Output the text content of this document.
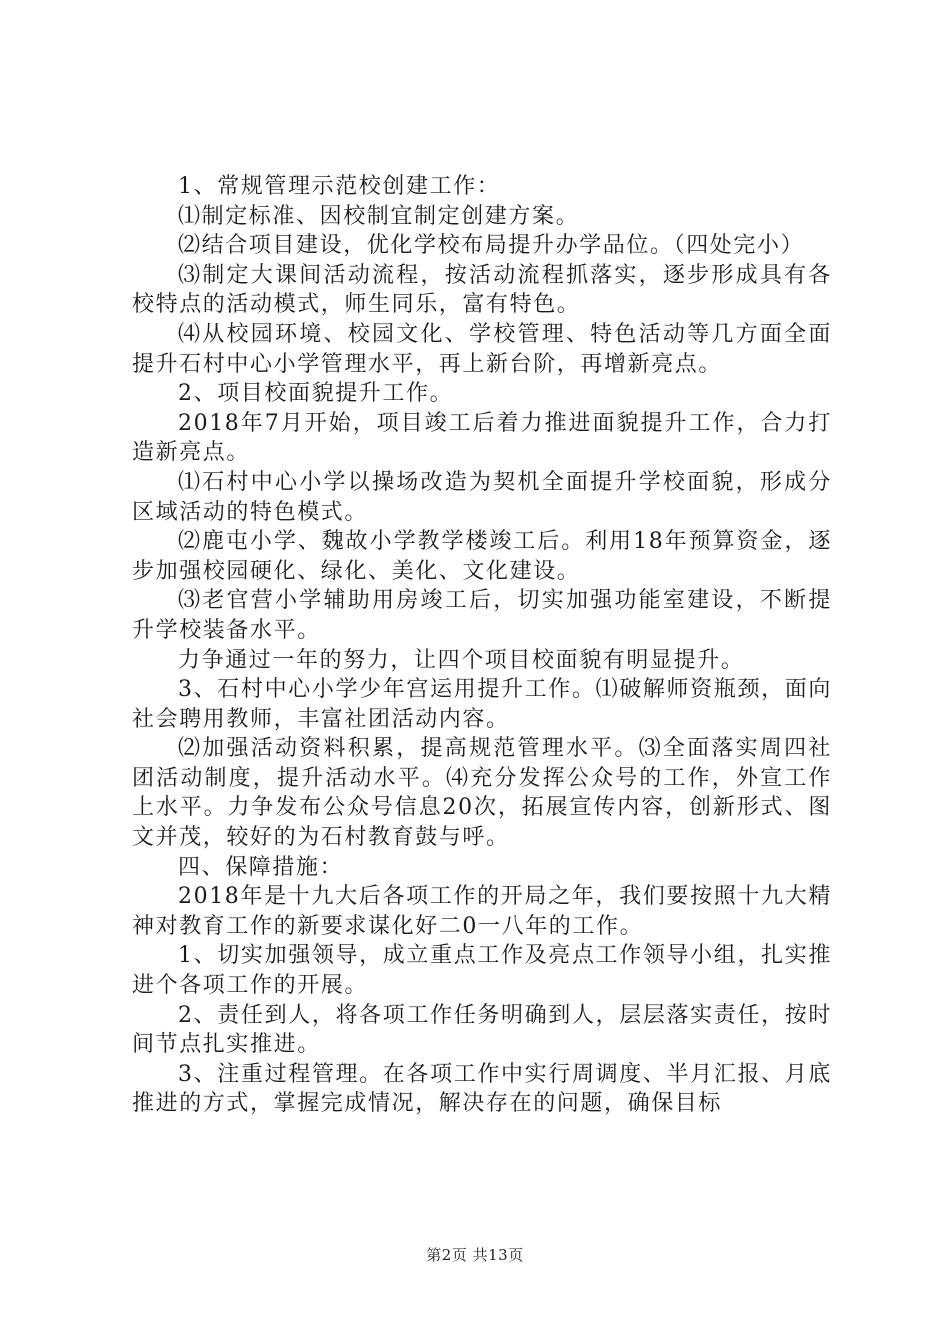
1、常规管理示范校创建工作：

⑴制定标准、因校制宜制定创建方案。

⑵结合项目建设，优化学校布局提升办学品位。（四处完小）

⑶制定大课间活动流程，按活动流程抓落实，逐步形成具有各校特点的活动模式，师生同乐，富有特色。

⑷从校园环境、校园文化、学校管理、特色活动等几方面全面提升石村中心小学管理水平，再上新台阶，再增新亮点。

2、项目校面貌提升工作。

2018年7月开始，项目竣工后着力推进面貌提升工作，合力打造新亮点。

⑴石村中心小学以操场改造为契机全面提升学校面貌，形成分区域活动的特色模式。

⑵鹿屯小学、魏故小学教学楼竣工后。利用18年预算资金，逐步加强校园硬化、绿化、美化、文化建设。

⑶老官营小学辅助用房竣工后，切实加强功能室建设，不断提升学校装备水平。

力争通过一年的努力，让四个项目校面貌有明显提升。

3、石村中心小学少年宫运用提升工作。⑴破解师资瓶颈，面向社会聘用教师，丰富社团活动内容。

⑵加强活动资料积累，提高规范管理水平。⑶全面落实周四社团活动制度，提升活动水平。⑷充分发挥公众号的工作，外宣工作上水平。力争发布公众号信息20次，拓展宣传内容，创新形式、图文并茂，较好的为石村教育鼓与呼。

四、保障措施：

2018年是十九大后各项工作的开局之年，我们要按照十九大精神对教育工作的新要求谋化好二0一八年的工作。

1、切实加强领导，成立重点工作及亮点工作领导小组，扎实推进个各项工作的开展。

2、责任到人，将各项工作任务明确到人，层层落实责任，按时间节点扎实推进。

3、注重过程管理。在各项工作中实行周调度、半月汇报、月底推进的方式，掌握完成情况，解决存在的问题，确保目标

第2页 共13页
